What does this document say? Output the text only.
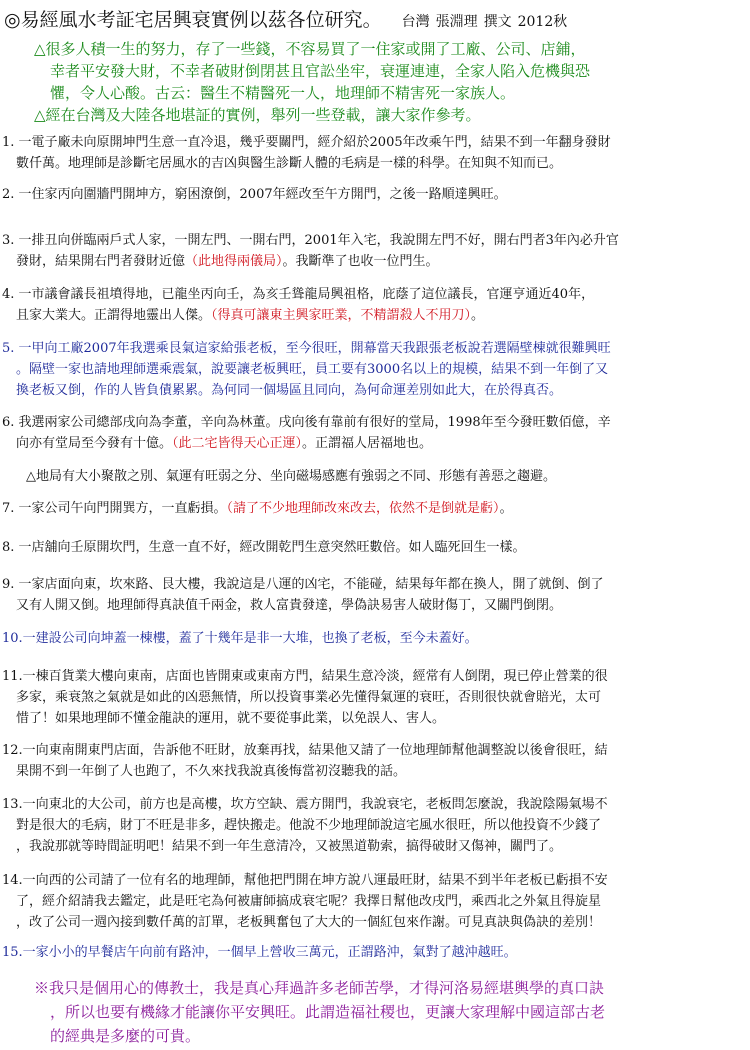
◎易經風水考証宅居興衰實例以茲各位研究。 台灣 張淵理 撰文 2012秋
△很多人積一生的努力，存了一些錢，不容易買了一住家或開了工廠、公司、店鋪，
幸者平安發大財，不幸者破財倒閉甚且官訟坐牢，衰運連連，全家人陷入危機與恐
懼，令人心酸。古云：醫生不精醫死一人，地理師不精害死一家族人。
△經在台灣及大陸各地堪証的實例，舉列一些登載，讓大家作參考。
1. 一電子廠未向原開坤門生意一直冷退，幾乎要關門，經介紹於2005年改乘午門，結果不到一年翻身發財
數仟萬。地理師是診斷宅居風水的吉凶與醫生診斷人體的毛病是一樣的科學。在知與不知而已。
2. 一住家丙向圍牆門開坤方，窮困潦倒，2007年經改至午方開門，之後一路順達興旺。
3. 一排丑向併臨兩戶式人家，一開左門、一開右門，2001年入宅，我說開左門不好，開右門者3年內必升官
發財，結果開右門者發財近億（此地得兩儀局）。我斷準了也收一位門生。
4. 一市議會議長祖墳得地，已龍坐丙向壬，為亥壬聳龍局興祖格，庇蔭了這位議長，官運亨通近40年，
且家大業大。正謂得地靈出人傑。（得真可讓東主興家旺業，不精謂殺人不用刀）。
5. 一甲向工廠2007年我選乘艮氣這家給張老板，至今很旺，開幕當天我跟張老板說若選隔壁棟就很難興旺
。隔壁一家也請地理師選乘震氣，說要讓老板興旺，員工要有3000名以上的規模，結果不到一年倒了又
換老板又倒，作的人皆負債累累。為何同一個場區且同向，為何命運差別如此大，在於得真否。
6. 我選兩家公司總部戌向為李董，辛向為林董。戌向後有靠前有很好的堂局，1998年至今發旺數佰億，辛
向亦有堂局至今發有十億。（此二宅皆得天心正運）。正謂福人居福地也。
△地局有大小聚散之別、氣運有旺弱之分、坐向磁場感應有強弱之不同、形態有善惡之趨避。
7. 一家公司午向門開巽方，一直虧損。（請了不少地理師改來改去，依然不是倒就是虧）。
8. 一店舖向壬原開坎門，生意一直不好，經改開乾門生意突然旺數倍。如人臨死回生一樣。
9. 一家店面向東，坎來路、艮大樓，我說這是八運的凶宅，不能碰，結果每年都在換人，開了就倒、倒了
又有人開又倒。地理師得真訣值千兩金，救人富貴發達，學偽訣易害人破財傷丁，又關門倒閉。
10.一建設公司向坤蓋一棟樓，蓋了十幾年是非一大堆，也換了老板，至今未蓋好。
11.一棟百貨業大樓向東南，店面也皆開東或東南方門，結果生意冷淡，經常有人倒閉，現已停止營業的很
多家，乘衰煞之氣就是如此的凶惡無情，所以投資事業必先懂得氣運的衰旺，否則很快就會賠光，太可
惜了！如果地理師不懂金龍訣的運用，就不要從事此業，以免誤人、害人。
12.一向東南開東門店面，告訴他不旺財，放棄再找，結果他又請了一位地理師幫他調整說以後會很旺，結
果開不到一年倒了人也跑了，不久來找我說真後悔當初沒聽我的話。
13.一向東北的大公司，前方也是高樓，坎方空缺、震方開門，我說衰宅，老板問怎麼說，我說陰陽氣場不
對是很大的毛病，財丁不旺是非多，趕快搬走。他說不少地理師說這宅風水很旺，所以他投資不少錢了
，我說那就等時間証明吧！結果不到一年生意清冷，又被黑道勒索，搞得破財又傷神，關門了。
14.一向西的公司請了一位有名的地理師，幫他把門開在坤方說八運最旺財，結果不到半年老板已虧損不安
了，經介紹請我去鑑定，此是旺宅為何被庸師搞成衰宅呢？我擇日幫他改戌門，乘西北之外氣且得旋星
，改了公司一週內接到數仟萬的訂單，老板興奮包了大大的一個紅包來作謝。可見真訣與偽訣的差別！
15.一家小小的早餐店午向前有路沖，一個早上營收三萬元，正謂路沖，氣對了越沖越旺。
※我只是個用心的傳教士，我是真心拜過許多老師苦學，才得河洛易經堪輿學的真口訣
，所以也要有機緣才能讓你平安興旺。此謂造福社稷也，更讓大家理解中國這部古老
的經典是多麼的可貴。
